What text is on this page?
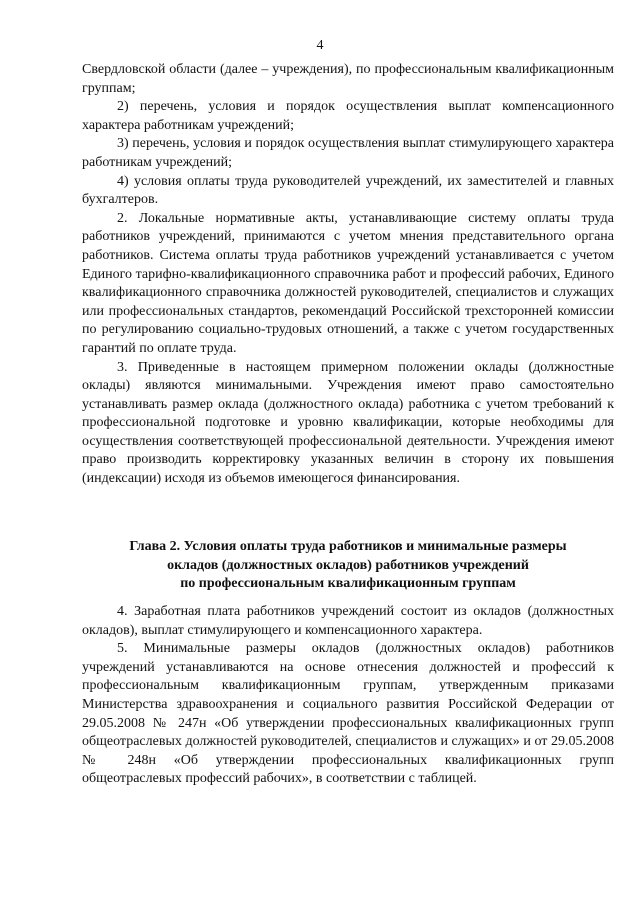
4

Свердловской области (далее – учреждения), по профессиональным квалификационным группам;

2) перечень, условия и порядок осуществления выплат компенсационного характера работникам учреждений;

3) перечень, условия и порядок осуществления выплат стимулирующего характера работникам учреждений;

4) условия оплаты труда руководителей учреждений, их заместителей и главных бухгалтеров.

2. Локальные нормативные акты, устанавливающие систему оплаты труда работников учреждений, принимаются с учетом мнения представительного органа работников. Система оплаты труда работников учреждений устанавливается с учетом Единого тарифно-квалификационного справочника работ и профессий рабочих, Единого квалификационного справочника должностей руководителей, специалистов и служащих или профессиональных стандартов, рекомендаций Российской трехсторонней комиссии по регулированию социально-трудовых отношений, а также с учетом государственных гарантий по оплате труда.

3. Приведенные в настоящем примерном положении оклады (должностные оклады) являются минимальными. Учреждения имеют право самостоятельно устанавливать размер оклада (должностного оклада) работника с учетом требований к профессиональной подготовке и уровню квалификации, которые необходимы для осуществления соответствующей профессиональной деятельности. Учреждения имеют право производить корректировку указанных величин в сторону их повышения (индексации) исходя из объемов имеющегося финансирования.

Глава 2. Условия оплаты труда работников и минимальные размеры
окладов (должностных окладов) работников учреждений
по профессиональным квалификационным группам

4. Заработная плата работников учреждений состоит из окладов (должностных окладов), выплат стимулирующего и компенсационного характера.

5. Минимальные размеры окладов (должностных окладов) работников учреждений устанавливаются на основе отнесения должностей и профессий к профессиональным квалификационным группам, утвержденным приказами Министерства здравоохранения и социального развития Российской Федерации от 29.05.2008 № 247н «Об утверждении профессиональных квалификационных групп общеотраслевых должностей руководителей, специалистов и служащих» и от 29.05.2008 № 248н «Об утверждении профессиональных квалификационных групп общеотраслевых профессий рабочих», в соответствии с таблицей.
